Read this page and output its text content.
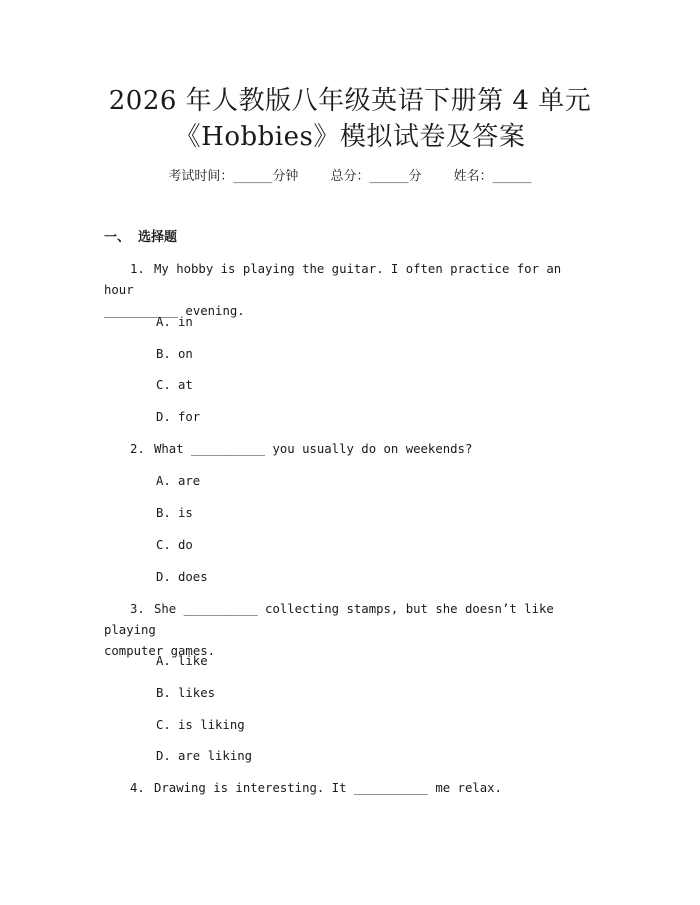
2026 年人教版八年级英语下册第 4 单元
《Hobbies》模拟试卷及答案
考试时间：______分钟 总分：______分 姓名：______
一、 选择题
1. My hobby is playing the guitar. I often practice for an hour
__________ evening.
A. in
B. on
C. at
D. for
2. What __________ you usually do on weekends?
A. are
B. is
C. do
D. does
3. She __________ collecting stamps, but she doesn’t like playing
computer games.
A. like
B. likes
C. is liking
D. are liking
4. Drawing is interesting. It __________ me relax.
